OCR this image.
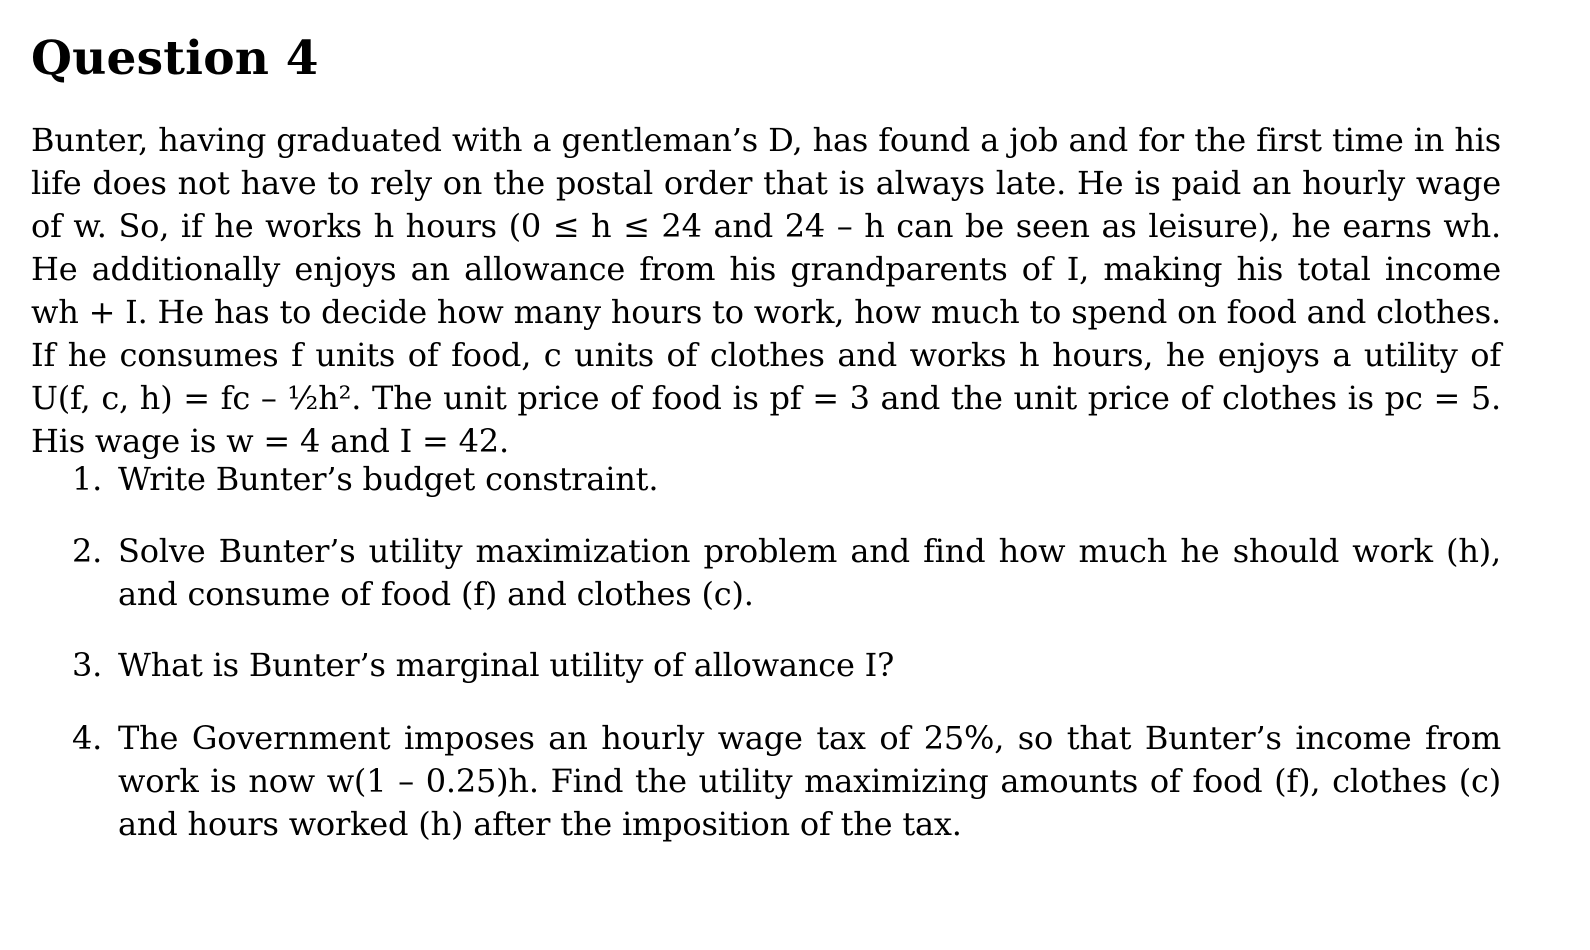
Question 4

Bunter, having graduated with a gentleman’s D, has found a job and for the first time in his life does not have to rely on the postal order that is always late. He is paid an hourly wage of w. So, if he works h hours (0 ≤ h ≤ 24 and 24 – h can be seen as leisure), he earns wh. He additionally enjoys an allowance from his grandparents of I, making his total income wh + I. He has to decide how many hours to work, how much to spend on food and clothes. If he consumes f units of food, c units of clothes and works h hours, he enjoys a utility of U(f, c, h) = fc – ½h². The unit price of food is pf = 3 and the unit price of clothes is pc = 5. His wage is w = 4 and I = 42.

1. Write Bunter’s budget constraint.
2. Solve Bunter’s utility maximization problem and find how much he should work (h), and consume of food (f) and clothes (c).
3. What is Bunter’s marginal utility of allowance I?
4. The Government imposes an hourly wage tax of 25%, so that Bunter’s income from work is now w(1 – 0.25)h. Find the utility maximizing amounts of food (f), clothes (c) and hours worked (h) after the imposition of the tax.
